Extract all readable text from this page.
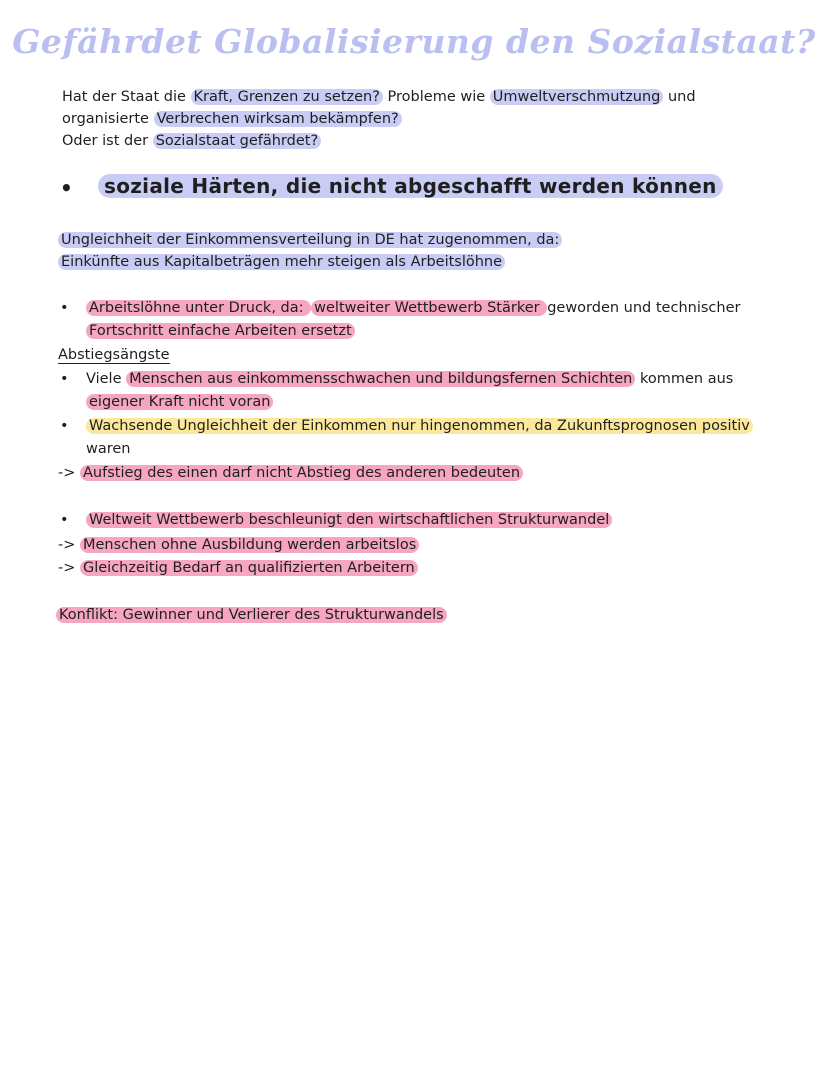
Gefährdet Globalisierung den Sozialstaat?
Hat der Staat die Kraft, Grenzen zu setzen? Probleme wie Umweltverschmutzung und
organisierte Verbrechen wirksam bekämpfen?
Oder ist der Sozialstaat gefährdet?
•	soziale Härten, die nicht abgeschafft werden können
Ungleichheit der Einkommensverteilung in DE hat zugenommen, da:
Einkünfte aus Kapitalbeträgen mehr steigen als Arbeitslöhne
• Arbeitslöhne unter Druck, da: weltweiter Wettbewerb Stärker geworden und technischer
Fortschritt einfache Arbeiten ersetzt
Abstiegsängste
• Viele Menschen aus einkommensschwachen und bildungsfernen Schichten kommen aus
eigener Kraft nicht voran
• Wachsende Ungleichheit der Einkommen nur hingenommen, da Zukunftsprognosen positiv
waren
-> Aufstieg des einen darf nicht Abstieg des anderen bedeuten
• Weltweit Wettbewerb beschleunigt den wirtschaftlichen Strukturwandel
-> Menschen ohne Ausbildung werden arbeitslos
-> Gleichzeitig Bedarf an qualifizierten Arbeitern
Konflikt: Gewinner und Verlierer des Strukturwandels
